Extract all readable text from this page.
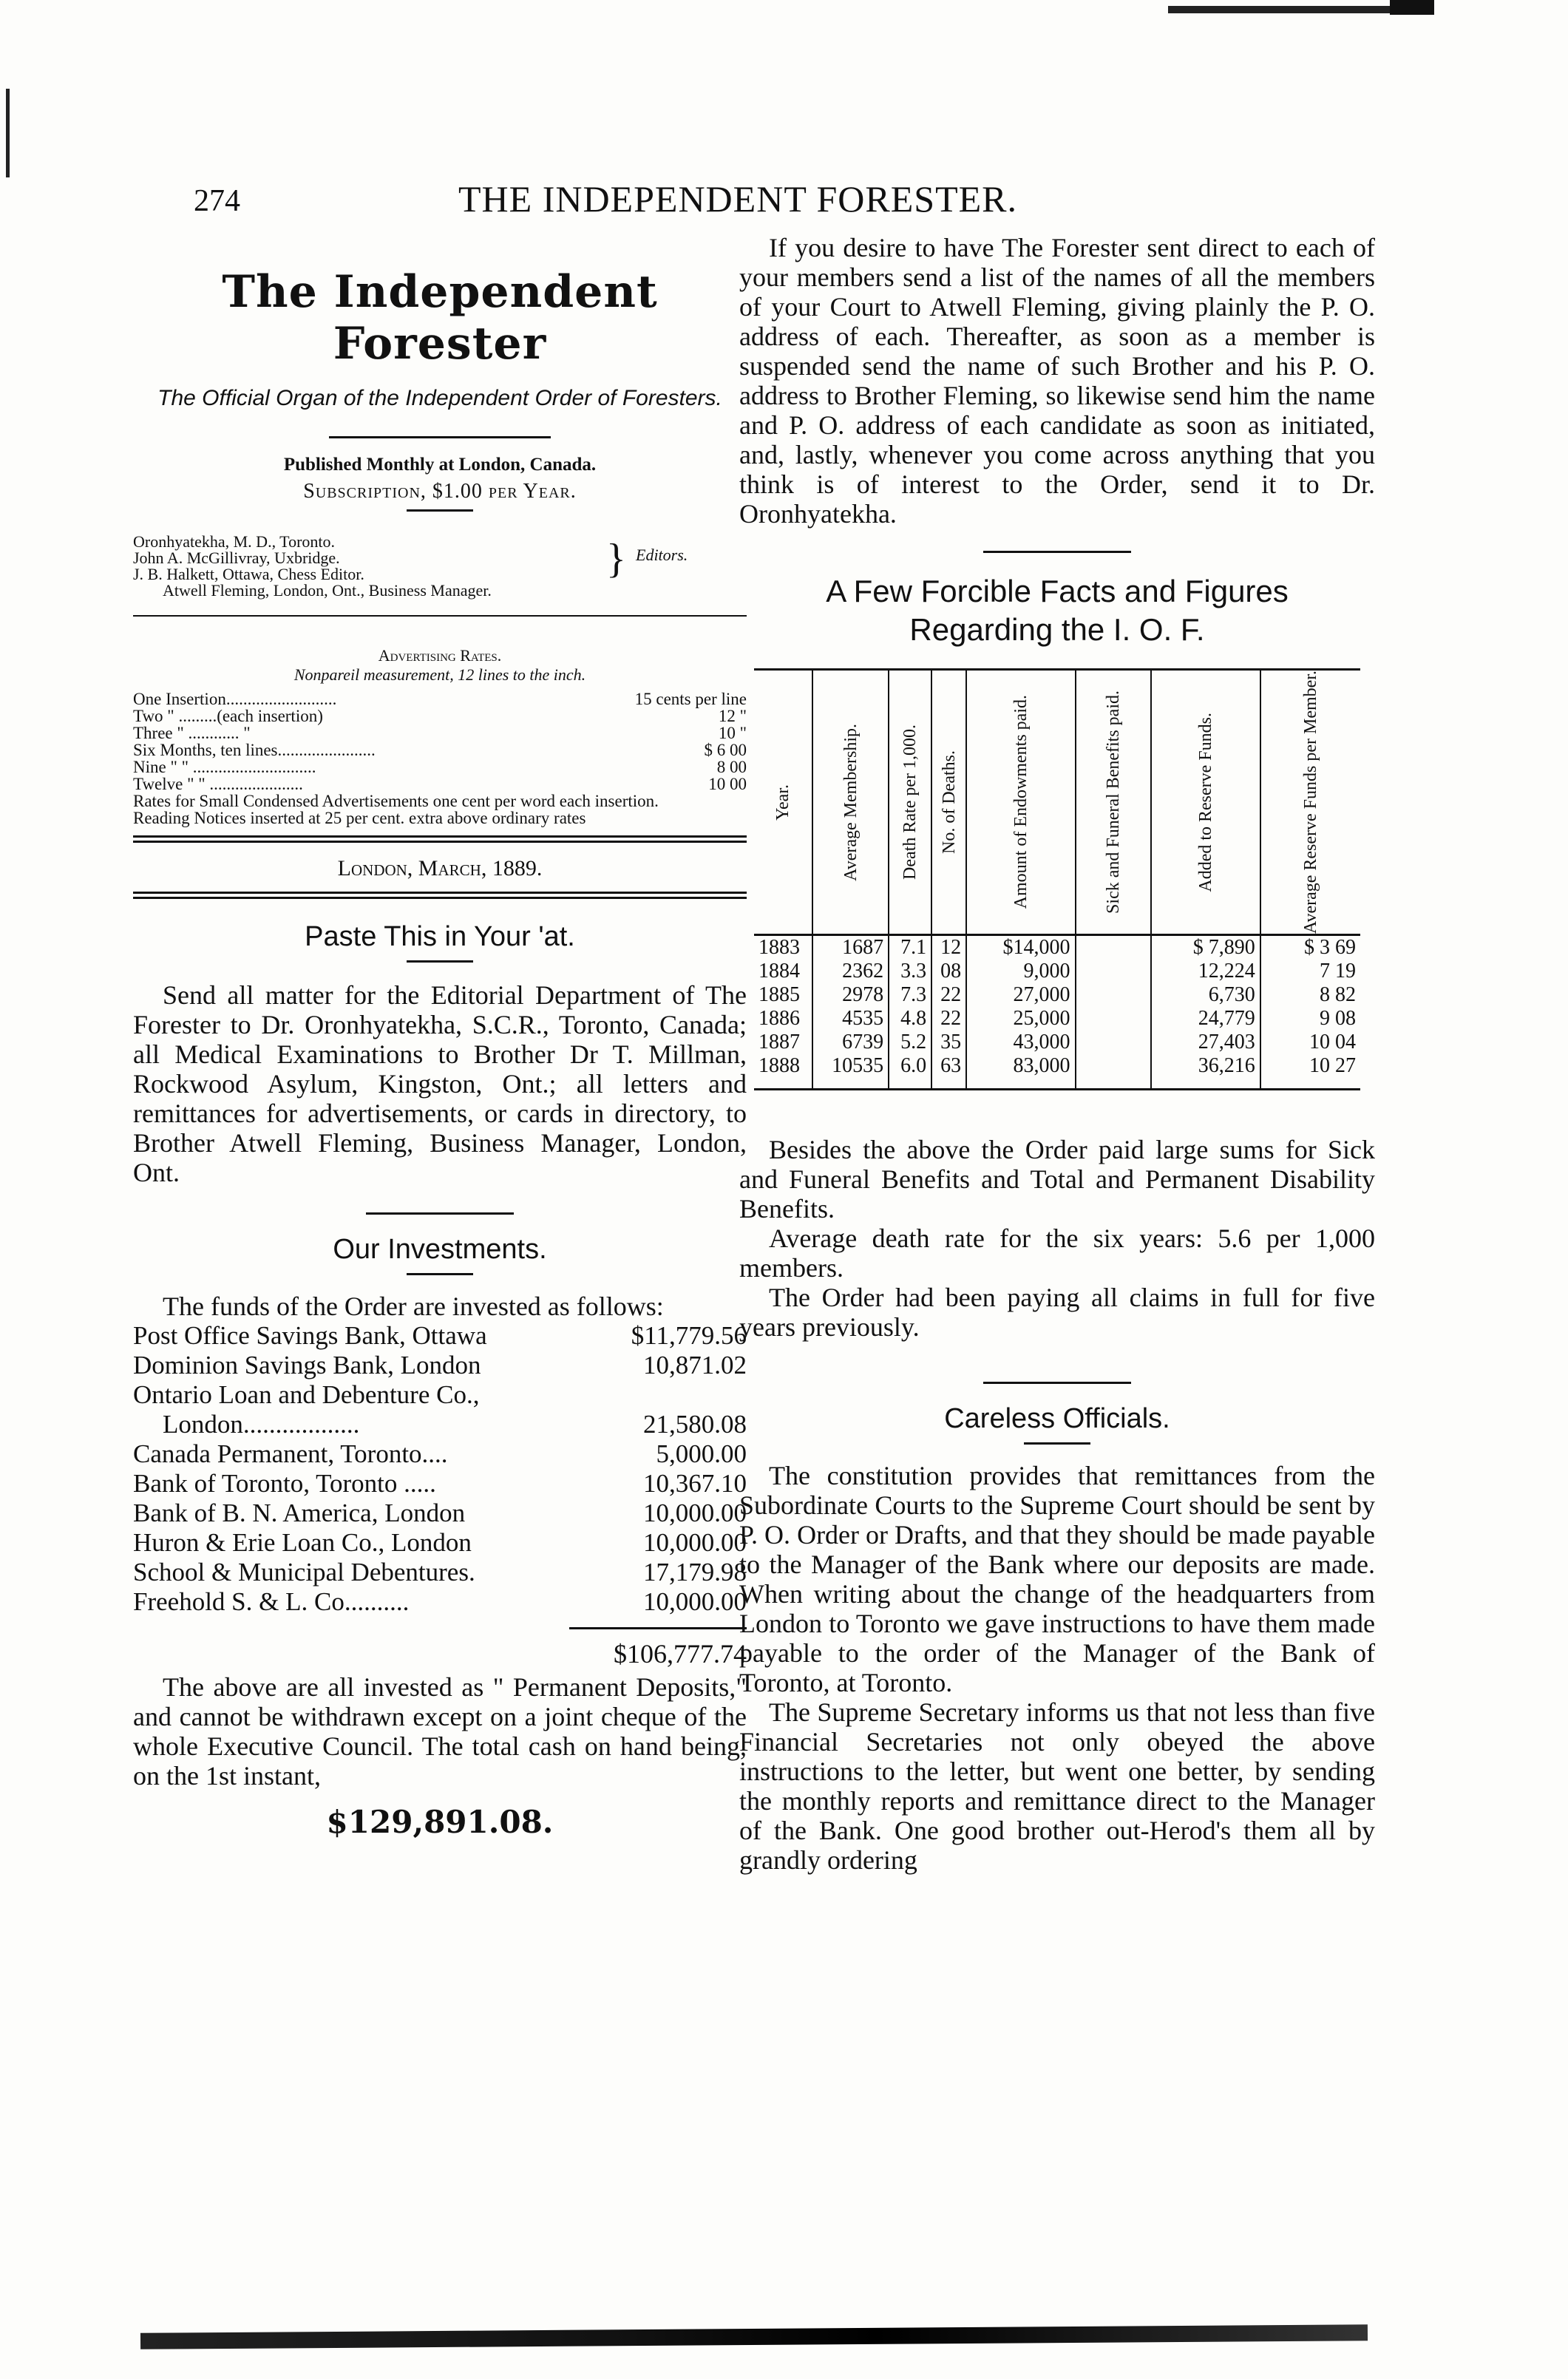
274	THE INDEPENDENT FORESTER.
The Independent Forester
The Official Organ of the Independent Order of Foresters.
Published Monthly at London, Canada.
Subscription, $1.00 per Year.
Oronhyatekha, M. D., Toronto.
John A. McGillivray, Uxbridge.
J. B. Halkett, Ottawa, Chess Editor.
Atwell Fleming, London, Ont., Business Manager.
} Editors.
Advertising Rates.
Nonpareil measurement, 12 lines to the inch.
One Insertion..........................	15 cents per line
Two " .........(each insertion)	12 "
Three " ............ "	10 "
Six Months, ten lines.......................	$ 6 00
Nine " " .............................	8 00
Twelve " " ......................	10 00
Rates for Small Condensed Advertisements one cent per word each insertion.
Reading Notices inserted at 25 per cent. extra above ordinary rates
London, March, 1889.
Paste This in Your 'at.
Send all matter for the Editorial Department of The Forester to Dr. Oronhyatekha, S.C.R., Toronto, Canada; all Medical Examinations to Brother Dr T. Millman, Rockwood Asylum, Kingston, Ont.; all letters and remittances for advertisements, or cards in directory, to Brother Atwell Fleming, Business Manager, London, Ont.
Our Investments.
The funds of the Order are invested as follows:
Post Office Savings Bank, Ottawa	$11,779.56
Dominion Savings Bank, London	10,871.02
Ontario Loan and Debenture Co.,
London..................	21,580.08
Canada Permanent, Toronto....	5,000.00
Bank of Toronto, Toronto .....	10,367.10
Bank of B. N. America, London	10,000.00
Huron & Erie Loan Co., London	10,000.00
School & Municipal Debentures.	17,179.98
Freehold S. & L. Co..........	10,000.00
$106,777.74
The above are all invested as " Permanent Deposits," and cannot be withdrawn except on a joint cheque of the whole Executive Council. The total cash on hand being, on the 1st instant,
$129,891.08.
If you desire to have The Forester sent direct to each of your members send a list of the names of all the members of your Court to Atwell Fleming, giving plainly the P. O. address of each. Thereafter, as soon as a member is suspended send the name of such Brother and his P. O. address to Brother Fleming, so likewise send him the name and P. O. address of each candidate as soon as initiated, and, lastly, whenever you come across anything that you think is of interest to the Order, send it to Dr. Oronhyatekha.
A Few Forcible Facts and Figures
Regarding the I. O. F.
Year.	Average Membership.	Death Rate per 1,000.	No. of Deaths.	Amount of Endowments paid.	Sick and Funeral Benefits paid.	Added to Reserve Funds.	Average Reserve Funds per Member.

1883	1687	7.1	12	$14,000		$ 7,890	$ 3 69
1884	2362	3.3	08	9,000		12,224	7 19
1885	2978	7.3	22	27,000		6,730	8 82
1886	4535	4.8	22	25,000		24,779	9 08
1887	6739	5.2	35	43,000		27,403	10 04
1888	10535	6.0	63	83,000		36,216	10 27
Besides the above the Order paid large sums for Sick and Funeral Benefits and Total and Permanent Disability Benefits.
Average death rate for the six years: 5.6 per 1,000 members.
The Order had been paying all claims in full for five years previously.
Careless Officials.
The constitution provides that remittances from the Subordinate Courts to the Supreme Court should be sent by P. O. Order or Drafts, and that they should be made payable to the Manager of the Bank where our deposits are made. When writing about the change of the headquarters from London to Toronto we gave instructions to have them made payable to the order of the Manager of the Bank of Toronto, at Toronto.
The Supreme Secretary informs us that not less than five Financial Secretaries not only obeyed the above instructions to the letter, but went one better, by sending the monthly reports and remittance direct to the Manager of the Bank. One good brother out-Herod's them all by grandly ordering
